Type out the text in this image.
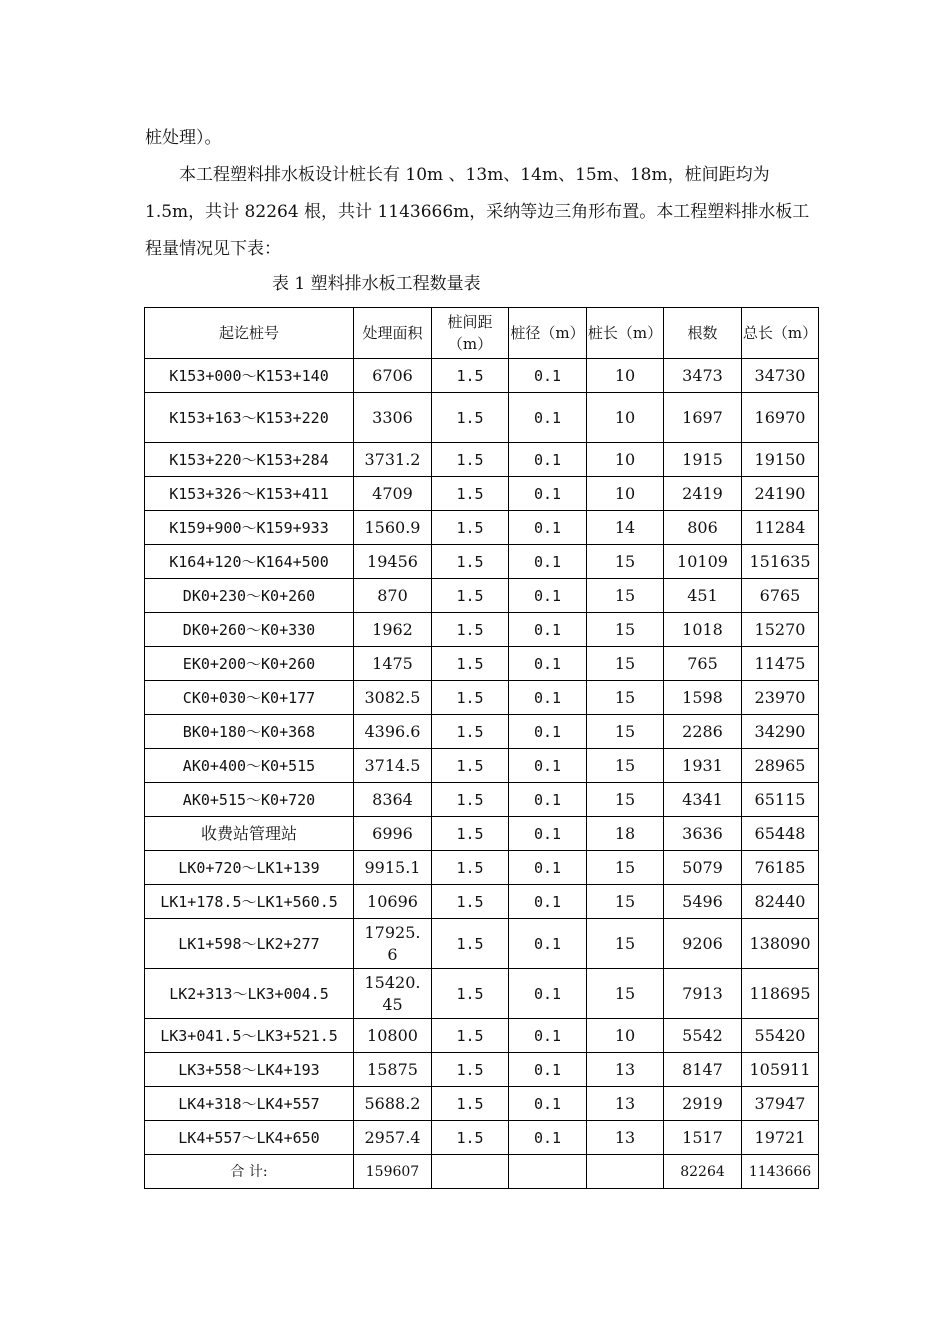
桩处理）。

本工程塑料排水板设计桩长有 10m 、13m、14m、15m、18m，桩间距均为 1.5m，共计 82264 根，共计 1143666m，采纳等边三角形布置。本工程塑料排水板工程量情况见下表：

表 1 塑料排水板工程数量表
起讫桩号	处理面积	桩间距（m）	桩径（m）	桩长（m）	根数	总长（m）
K153+000～K153+140	6706	1.5	0.1	10	3473	34730
K153+163～K153+220	3306	1.5	0.1	10	1697	16970
K153+220～K153+284	3731.2	1.5	0.1	10	1915	19150
K153+326～K153+411	4709	1.5	0.1	10	2419	24190
K159+900～K159+933	1560.9	1.5	0.1	14	806	11284
K164+120～K164+500	19456	1.5	0.1	15	10109	151635
DK0+230～K0+260	870	1.5	0.1	15	451	6765
DK0+260～K0+330	1962	1.5	0.1	15	1018	15270
EK0+200～K0+260	1475	1.5	0.1	15	765	11475
CK0+030～K0+177	3082.5	1.5	0.1	15	1598	23970
BK0+180～K0+368	4396.6	1.5	0.1	15	2286	34290
AK0+400～K0+515	3714.5	1.5	0.1	15	1931	28965
AK0+515～K0+720	8364	1.5	0.1	15	4341	65115
收费站管理站	6996	1.5	0.1	18	3636	65448
LK0+720～LK1+139	9915.1	1.5	0.1	15	5079	76185
LK1+178.5～LK1+560.5	10696	1.5	0.1	15	5496	82440
LK1+598～LK2+277	17925.6	1.5	0.1	15	9206	138090
LK2+313～LK3+004.5	15420.45	1.5	0.1	15	7913	118695
LK3+041.5～LK3+521.5	10800	1.5	0.1	10	5542	55420
LK3+558～LK4+193	15875	1.5	0.1	13	8147	105911
LK4+318～LK4+557	5688.2	1.5	0.1	13	2919	37947
LK4+557～LK4+650	2957.4	1.5	0.1	13	1517	19721
合 计:	159607				82264	1143666
